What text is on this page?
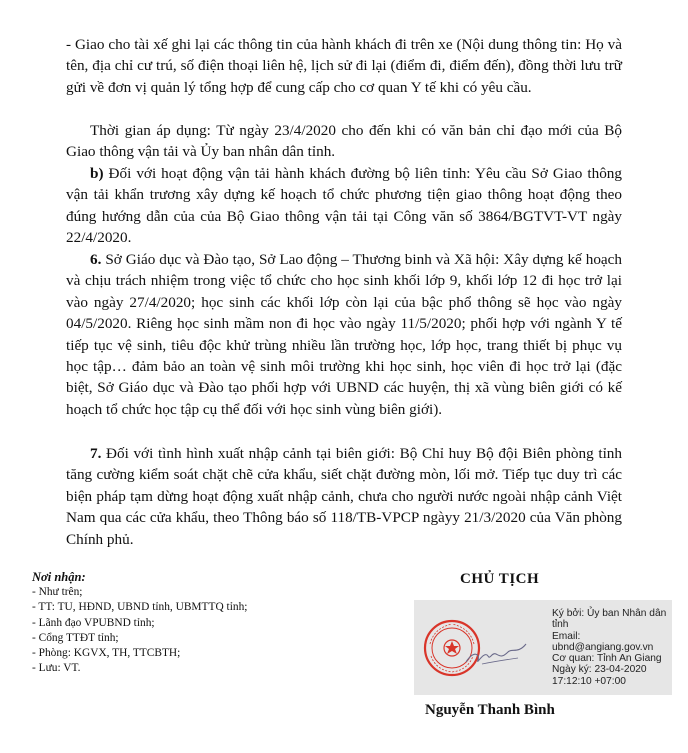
- Giao cho tài xế ghi lại các thông tin của hành khách đi trên xe (Nội dung thông tin: Họ và tên, địa chỉ cư trú, số điện thoại liên hệ, lịch sử đi lại (điểm đi, điểm đến), đồng thời lưu trữ gửi về đơn vị quản lý tổng hợp để cung cấp cho cơ quan Y tế khi có yêu cầu.

Thời gian áp dụng: Từ ngày 23/4/2020 cho đến khi có văn bản chỉ đạo mới của Bộ Giao thông vận tải và Ủy ban nhân dân tỉnh.

b) Đối với hoạt động vận tải hành khách đường bộ liên tỉnh: Yêu cầu Sở Giao thông vận tải khẩn trương xây dựng kế hoạch tổ chức phương tiện giao thông hoạt động theo đúng hướng dẫn của của Bộ Giao thông vận tải tại Công văn số 3864/BGTVT-VT ngày 22/4/2020.

6. Sở Giáo dục và Đào tạo, Sở Lao động – Thương binh và Xã hội: Xây dựng kế hoạch và chịu trách nhiệm trong việc tổ chức cho học sinh khối lớp 9, khối lớp 12 đi học trở lại vào ngày 27/4/2020; học sinh các khối lớp còn lại của bậc phổ thông sẽ học vào ngày 04/5/2020. Riêng học sinh mầm non đi học vào ngày 11/5/2020; phối hợp với ngành Y tế tiếp tục vệ sinh, tiêu độc khử trùng nhiều lần trường học, lớp học, trang thiết bị phục vụ học tập… đảm bảo an toàn vệ sinh môi trường khi học sinh, học viên đi học trở lại (đặc biệt, Sở Giáo dục và Đào tạo phối hợp với UBND các huyện, thị xã vùng biên giới có kế hoạch tổ chức học tập cụ thể đối với học sinh vùng biên giới).

7. Đối với tình hình xuất nhập cảnh tại biên giới: Bộ Chỉ huy Bộ đội Biên phòng tỉnh tăng cường kiểm soát chặt chẽ cửa khẩu, siết chặt đường mòn, lối mở. Tiếp tục duy trì các biện pháp tạm dừng hoạt động xuất nhập cảnh, chưa cho người nước ngoài nhập cảnh Việt Nam qua các cửa khẩu, theo Thông báo số 118/TB-VPCP ngàyy 21/3/2020 của Văn phòng Chính phủ.

Nơi nhận:
- Như trên;
- TT: TU, HĐND, UBND tỉnh, UBMTTQ tỉnh;
- Lãnh đạo VPUBND tỉnh;
- Cổng TTĐT tỉnh;
- Phòng: KGVX, TH, TTCBTH;
- Lưu: VT.
CHỦ TỊCH
Ký bởi: Ủy ban Nhân dân tỉnh
Email:
ubnd@angiang.gov.vn
Cơ quan: Tỉnh An Giang
Ngày ký: 23-04-2020
17:12:10 +07:00
Nguyễn Thanh Bình
